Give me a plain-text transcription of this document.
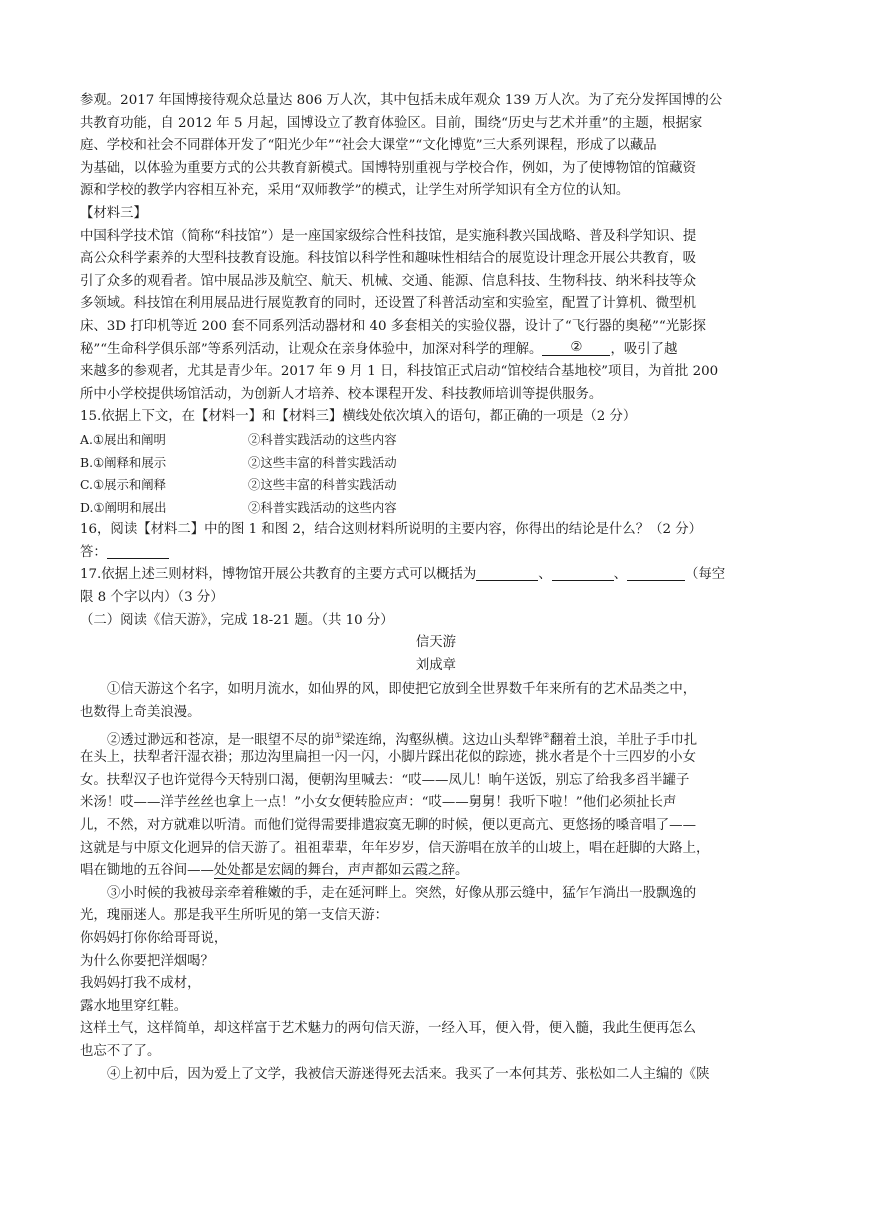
参观。2017 年国博接待观众总量达 806 万人次，其中包括未成年观众 139 万人次。为了充分发挥国博的公
共教育功能，自 2012 年 5 月起，国博设立了教育体验区。目前，围绕“历史与艺术并重”的主题，根据家
庭、学校和社会不同群体开发了“阳光少年”“社会大课堂”“文化博览”三大系列课程，形成了以藏品
为基础，以体验为重要方式的公共教育新模式。国博特别重视与学校合作，例如，为了使博物馆的馆藏资
源和学校的教学内容相互补充，采用“双师教学”的模式，让学生对所学知识有全方位的认知。
【材料三】
中国科学技术馆（简称“科技馆”）是一座国家级综合性科技馆，是实施科教兴国战略、普及科学知识、提
高公众科学素养的大型科技教育设施。科技馆以科学性和趣味性相结合的展览设计理念开展公共教育，吸
引了众多的观看者。馆中展品涉及航空、航天、机械、交通、能源、信息科技、生物科技、纳米科技等众
多领域。科技馆在利用展品进行展览教育的同时，还设置了科普活动室和实验室，配置了计算机、微型机
床、3D 打印机等近 200 套不同系列活动器材和 40 多套相关的实验仪器，设计了“飞行器的奥秘”“光影探
秘”“生命科学俱乐部”等系列活动，让观众在亲身体验中，加深对科学的理解。 ② ，吸引了越
来越多的参观者，尤其是青少年。2017 年 9 月 1 日，科技馆正式启动“馆校结合基地校”项目，为首批 200
所中小学校提供场馆活动，为创新人才培养、校本课程开发、科技教师培训等提供服务。
15.依据上下文，在【材料一】和【材料三】横线处依次填入的语句，都正确的一项是（2 分）
A.①展出和阐明	②科普实践活动的这些内容
B.①阐释和展示	②这些丰富的科普实践活动
C.①展示和阐释	②这些丰富的科普实践活动
D.①阐明和展出	②科普实践活动的这些内容
16，阅读【材料二】中的图 1 和图 2，结合这则材料所说明的主要内容，你得出的结论是什么？（2 分）
答：
17.依据上述三则材料，博物馆开展公共教育的主要方式可以概括为	、	、	（每空
限 8 个字以内）（3 分）
（二）阅读《信天游》，完成 18-21 题。（共 10 分）
信天游
刘成章
①信天游这个名字，如明月流水，如仙界的风，即使把它放到全世界数千年来所有的艺术品类之中，
也数得上奇美浪漫。
②透过渺远和苍凉，是一眼望不尽的峁①梁连绵，沟壑纵横。这边山头犁铧②翻着土浪，羊肚子手巾扎
在头上，扶犁者汗湿衣褂；那边沟里扁担一闪一闪，小脚片踩出花似的踪迹，挑水者是个十三四岁的小女
女。扶犁汉子也许觉得今天特别口渴，便朝沟里喊去：“哎——凤儿！晌午送饭，别忘了给我多舀半罐子
米汤！哎——洋芋丝丝也拿上一点！”小女女便转脸应声：“哎——舅舅！我听下啦！”他们必须扯长声
儿，不然，对方就难以听清。而他们觉得需要排遣寂寞无聊的时候，便以更高亢、更悠扬的嗓音唱了——
这就是与中原文化迥异的信天游了。祖祖辈辈，年年岁岁，信天游唱在放羊的山坡上，唱在赶脚的大路上，
唱在锄地的五谷间——处处都是宏阔的舞台，声声都如云霞之辞。
③小时候的我被母亲牵着稚嫩的手，走在延河畔上。突然，好像从那云缝中，猛乍乍淌出一股飘逸的
光，瑰丽迷人。那是我平生所听见的第一支信天游：
你妈妈打你你给哥哥说，
为什么你要把洋烟喝？
我妈妈打我不成材，
露水地里穿红鞋。
这样土气，这样简单，却这样富于艺术魅力的两句信天游，一经入耳，便入骨，便入髓，我此生便再怎么
也忘不了了。
④上初中后，因为爱上了文学，我被信天游迷得死去活来。我买了一本何其芳、张松如二人主编的《陕
